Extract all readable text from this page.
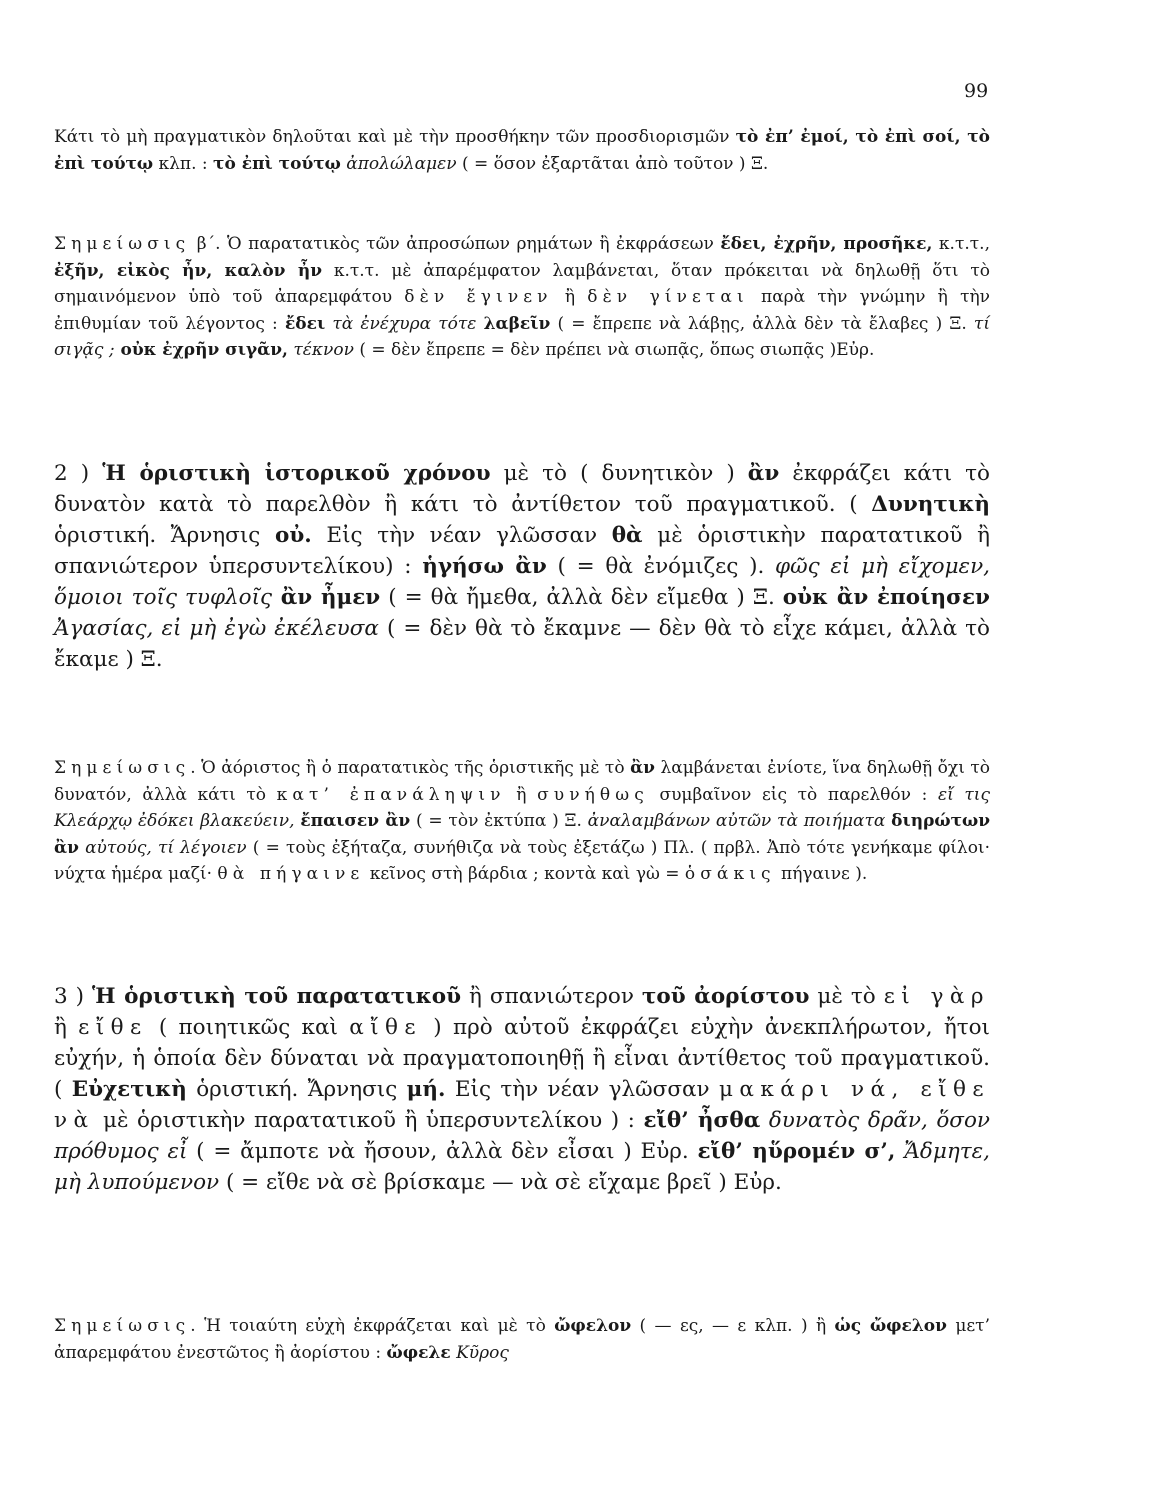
99

Κάτι τὸ μὴ πραγματικὸν δηλοῦται καὶ μὲ τὴν προσθήκην τῶν προσδιορισμῶν τὸ ἐπ’ ἐμοί, τὸ ἐπὶ σοί, τὸ ἐπὶ τούτῳ κλπ. : τὸ ἐπὶ τούτῳ ἀπολώλαμεν ( = ὅσον ἐξαρτᾶται ἀπὸ τοῦτον ) Ξ.

Σημείωσις β΄. Ὁ παρατατικὸς τῶν ἀπροσώπων ρημάτων ἢ ἐκφράσεων ἔδει, ἐχρῆν, προσῆκε, κ.τ.τ., ἐξῆν, εἰκὸς ἦν, καλὸν ἦν κ.τ.τ. μὲ ἀπαρέμφατον λαμβάνεται, ὅταν πρόκειται νὰ δηλωθῇ ὅτι τὸ σημαινόμενον ὑπὸ τοῦ ἀπαρεμφάτου δὲν ἔγινεν ἢ δὲν γίνεται παρὰ τὴν γνώμην ἢ τὴν ἐπιθυμίαν τοῦ λέγοντος : ἔδει τὰ ἐνέχυρα τότε λαβεῖν ( = ἔπρεπε νὰ λάβῃς, ἀλλὰ δὲν τὰ ἔλαβες ) Ξ. τί σιγᾷς ; οὐκ ἐχρῆν σιγᾶν, τέκνον ( = δὲν ἔπρεπε = δὲν πρέπει νὰ σιωπᾷς, ὅπως σιωπᾷς )Εὐρ.

2 ) Ἡ ὁριστικὴ ἱστορικοῦ χρόνου μὲ τὸ ( δυνητικὸν ) ἂν ἐκφράζει κάτι τὸ δυνατὸν κατὰ τὸ παρελθὸν ἢ κάτι τὸ ἀντίθετον τοῦ πραγματικοῦ. ( Δυνητικὴ ὁριστική. Ἄρνησις οὐ. Εἰς τὴν νέαν γλῶσσαν θὰ μὲ ὁριστικὴν παρατατικοῦ ἢ σπανιώτερον ὑπερσυντελίκου) : ἡγήσω ἂν ( = θὰ ἐνόμιζες ). φῶς εἰ μὴ εἴχομεν, ὅμοιοι τοῖς τυφλοῖς ἂν ἦμεν ( = θὰ ἤμεθα, ἀλλὰ δὲν εἴμεθα ) Ξ. οὐκ ἂν ἐποίησεν Ἀγασίας, εἰ μὴ ἐγὼ ἐκέλευσα ( = δὲν θὰ τὸ ἔκαμνε — δὲν θὰ τὸ εἶχε κάμει, ἀλλὰ τὸ ἔκαμε ) Ξ.

Σημείωσις. Ὁ ἀόριστος ἢ ὁ παρατατικὸς τῆς ὁριστικῆς μὲ τὸ ἂν λαμβάνεται ἐνίοτε, ἵνα δηλωθῇ ὄχι τὸ δυνατόν, ἀλλὰ κάτι τὸ κατ’ ἐπανάληψιν ἢ συνήθως συμβαῖνον εἰς τὸ παρελθόν : εἴ τις Κλεάρχῳ ἐδόκει βλακεύειν, ἔπαισεν ἂν ( = τὸν ἐκτύπα ) Ξ. ἀναλαμβάνων αὐτῶν τὰ ποιήματα διηρώτων ἂν αὐτούς, τί λέγοιεν ( = τοὺς ἐξήταζα, συνήθιζα νὰ τοὺς ἐξετάζω ) Πλ. ( πρβλ. Ἀπὸ τότε γενήκαμε φίλοι· νύχτα ἡμέρα μαζί· θὰ πήγαινε κεῖνος στὴ βάρδια ; κοντὰ καὶ γὼ = ὁσάκις πήγαινε ).

3 ) Ἡ ὁριστικὴ τοῦ παρατατικοῦ ἢ σπανιώτερον τοῦ ἀορίστου μὲ τὸ εἰ γὰρ ἢ εἴθε ( ποιητικῶς καὶ αἴθε ) πρὸ αὐτοῦ ἐκφράζει εὐχὴν ἀνεκπλήρωτον, ἤτοι εὐχήν, ἡ ὁποία δὲν δύναται νὰ πραγματοποιηθῇ ἢ εἶναι ἀντίθετος τοῦ πραγματικοῦ. ( Εὐχετικὴ ὁριστική. Ἄρνησις μή. Εἰς τὴν νέαν γλῶσσαν μακάρι νά, εἴθε νὰ μὲ ὁριστικὴν παρατατικοῦ ἢ ὑπερσυντελίκου ) : εἴθ’ ἦσθα δυνατὸς δρᾶν, ὅσον πρόθυμος εἶ ( = ἄμποτε νὰ ἤσουν, ἀλλὰ δὲν εἶσαι ) Εὐρ. εἴθ’ ηὕρομέν σ’, Ἄδμητε, μὴ λυπούμενον ( = εἴθε νὰ σὲ βρίσκαμε — νὰ σὲ εἴχαμε βρεῖ ) Εὐρ.

Σημείωσις. Ἡ τοιαύτη εὐχὴ ἐκφράζεται καὶ μὲ τὸ ὤφελον ( — ες, — ε κλπ. ) ἢ ὡς ὤφελον μετ’ ἀπαρεμφάτου ἐνεστῶτος ἢ ἀορίστου : ὤφελε Κῦρος
